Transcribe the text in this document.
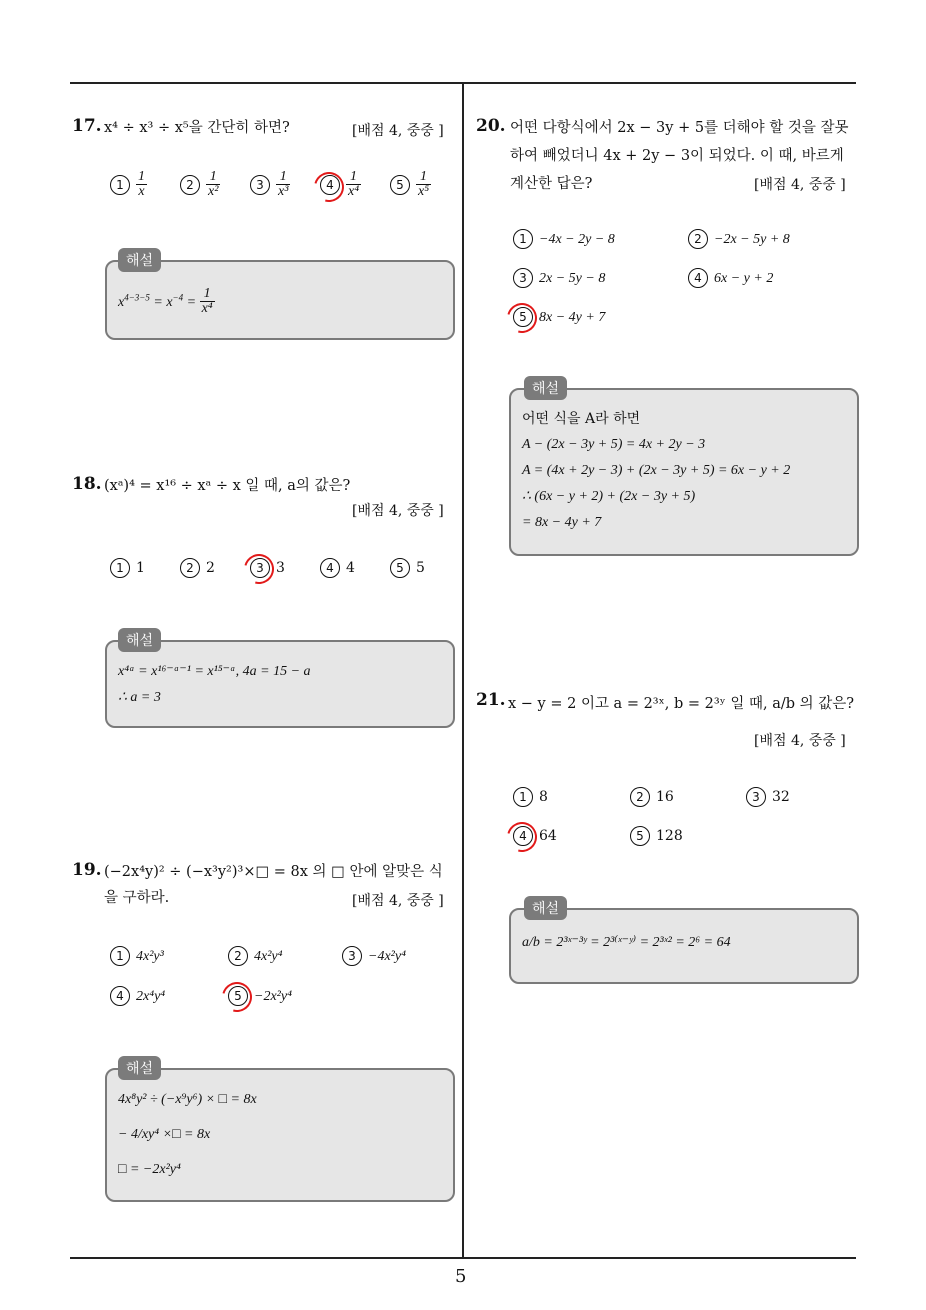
17. x⁴ ÷ x³ ÷ x⁵을 간단히 하면?	[배점 4, 중중 ]
$1 \frac{1}{x}$	$2 \frac{1}{\text{x²}}$	$3 \frac{1}{\text{x³}}$	$4 \frac{1}{\text{x⁴}}$	$5 \frac{1}{\text{x⁵}}$
해설
$x^{4-3-5} = x^{-4} = \frac{1}{\text{x⁴}}$
18. (xᵃ)⁴ = x¹⁶ ÷ xᵃ ÷ x 일 때, a의 값은?
[배점 4, 중중 ]
1 1	2 2	3 3	4 4	5 5
해설
x⁴ᵃ = x¹⁶⁻ᵃ⁻¹ = x¹⁵⁻ᵃ, 4a = 15 − a
∴ a = 3
19. (−2x⁴y)² ÷ (−x³y²)³×□ = 8x 의 □ 안에 알맞은 식
을 구하라.	[배점 4, 중중 ]
1 4x²y³	2 4x²y⁴	3 −4x²y⁴
4 2x⁴y⁴	5 −2x²y⁴
해설
4x⁸y² ÷ (−x⁹y⁶) × □ = 8x
− 4/xy⁴ ×□ = 8x
□ = −2x²y⁴
20. 어떤 다항식에서 2x − 3y + 5를 더해야 할 것을 잘못
하여 빼었더니 4x + 2y − 3이 되었다. 이 때, 바르게
계산한 답은?	[배점 4, 중중 ]
1 −4x − 2y − 8	2 −2x − 5y + 8
3 2x − 5y − 8	4 6x − y + 2
5 8x − 4y + 7
해설
어떤 식을 A라 하면
A − (2x − 3y + 5) = 4x + 2y − 3
A = (4x + 2y − 3) + (2x − 3y + 5) = 6x − y + 2
∴ (6x − y + 2) + (2x − 3y + 5)
= 8x − 4y + 7
21. x − y = 2 이고 a = 2³ˣ, b = 2³ʸ 일 때, a/b 의 값은?
[배점 4, 중중 ]
1 8	2 16	3 32
4 64	5 128
해설
a/b = 2³ˣ⁻³ʸ = 2³⁽ˣ⁻ʸ⁾ = 2³ˣ² = 2⁶ = 64
5
